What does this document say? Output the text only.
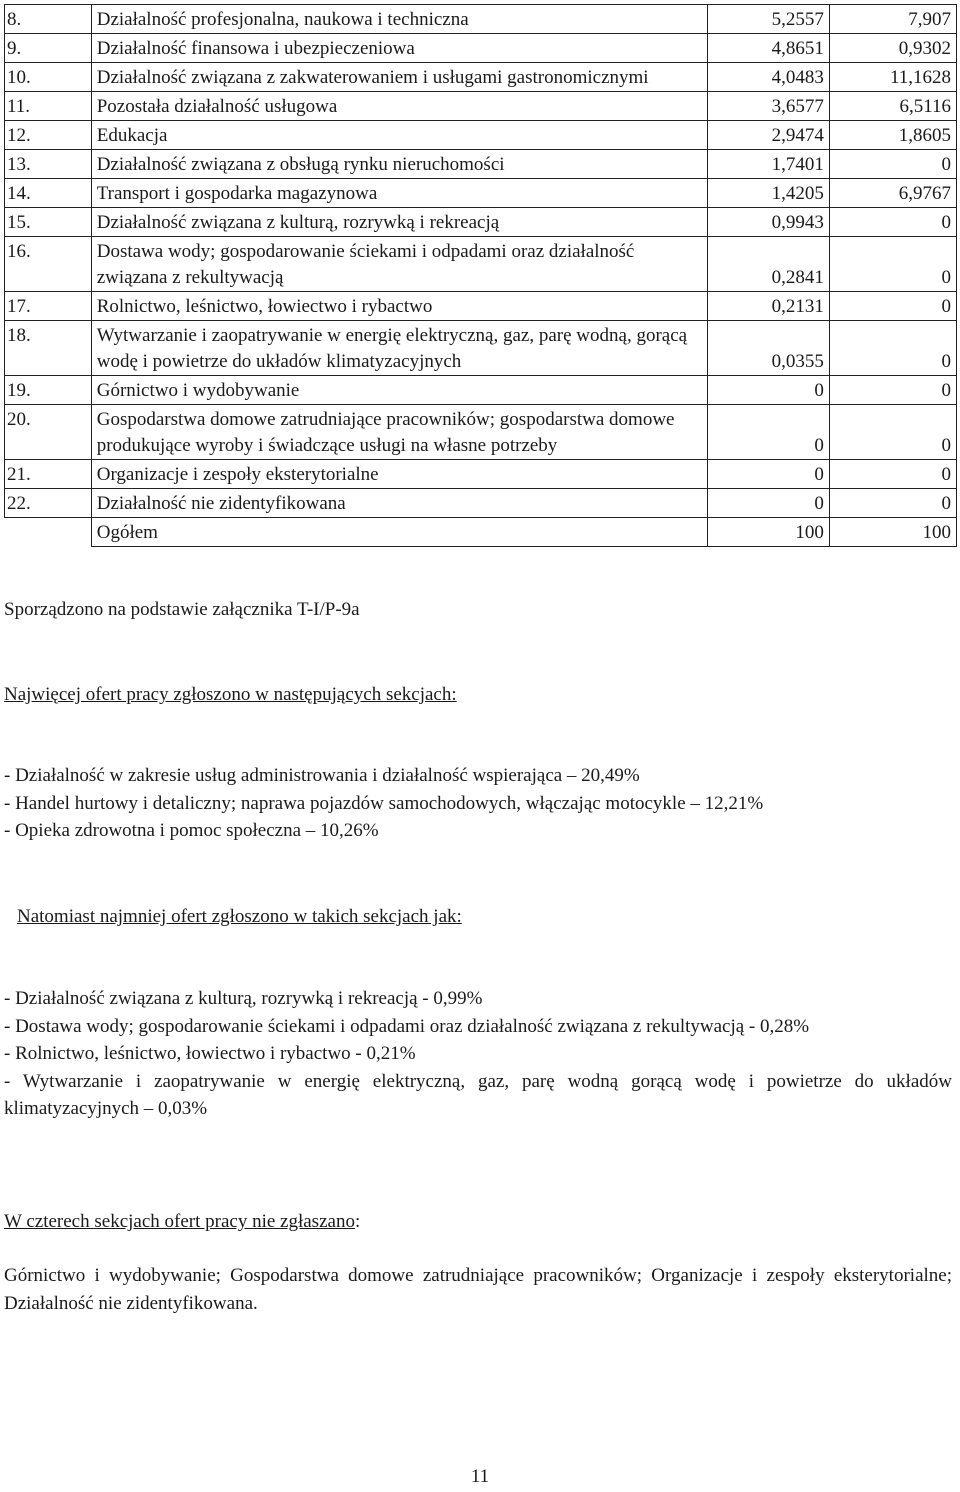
8.	Działalność profesjonalna, naukowa i techniczna	5,2557	7,907
9.	Działalność finansowa i ubezpieczeniowa	4,8651	0,9302
10.	Działalność związana z zakwaterowaniem i usługami gastronomicznymi	4,0483	11,1628
11.	Pozostała działalność usługowa	3,6577	6,5116
12.	Edukacja	2,9474	1,8605
13.	Działalność związana z obsługą rynku nieruchomości	1,7401	0
14.	Transport i gospodarka magazynowa	1,4205	6,9767
15.	Działalność związana z kulturą, rozrywką i rekreacją	0,9943	0
16.	Dostawa wody; gospodarowanie ściekami i odpadami oraz działalność związana z rekultywacją	0,2841	0
17.	Rolnictwo, leśnictwo, łowiectwo i rybactwo	0,2131	0
18.	Wytwarzanie i zaopatrywanie w energię elektryczną, gaz, parę wodną, gorącą wodę i powietrze do układów klimatyzacyjnych	0,0355	0
19.	Górnictwo i wydobywanie	0	0
20.	Gospodarstwa domowe zatrudniające pracowników; gospodarstwa domowe produkujące wyroby i świadczące usługi na własne potrzeby	0	0
21.	Organizacje i zespoły eksterytorialne	0	0
22.	Działalność nie zidentyfikowana	0	0
	Ogółem	100	100
Sporządzono na podstawie załącznika T-I/P-9a
Najwięcej ofert pracy zgłoszono w następujących sekcjach:
- Działalność w zakresie usług administrowania i działalność wspierająca – 20,49%
- Handel hurtowy i detaliczny; naprawa pojazdów samochodowych, włączając motocykle – 12,21%
- Opieka zdrowotna i pomoc społeczna – 10,26%
Natomiast najmniej ofert zgłoszono w takich sekcjach jak:
- Działalność związana z kulturą, rozrywką i rekreacją - 0,99%
- Dostawa wody; gospodarowanie ściekami i odpadami oraz działalność związana z rekultywacją - 0,28%
- Rolnictwo, leśnictwo, łowiectwo i rybactwo - 0,21%
- Wytwarzanie i zaopatrywanie w energię elektryczną, gaz, parę wodną gorącą wodę i powietrze do układów klimatyzacyjnych – 0,03%
W czterech sekcjach ofert pracy nie zgłaszano:
Górnictwo i wydobywanie; Gospodarstwa domowe zatrudniające pracowników; Organizacje i zespoły eksterytorialne; Działalność nie zidentyfikowana.
11
